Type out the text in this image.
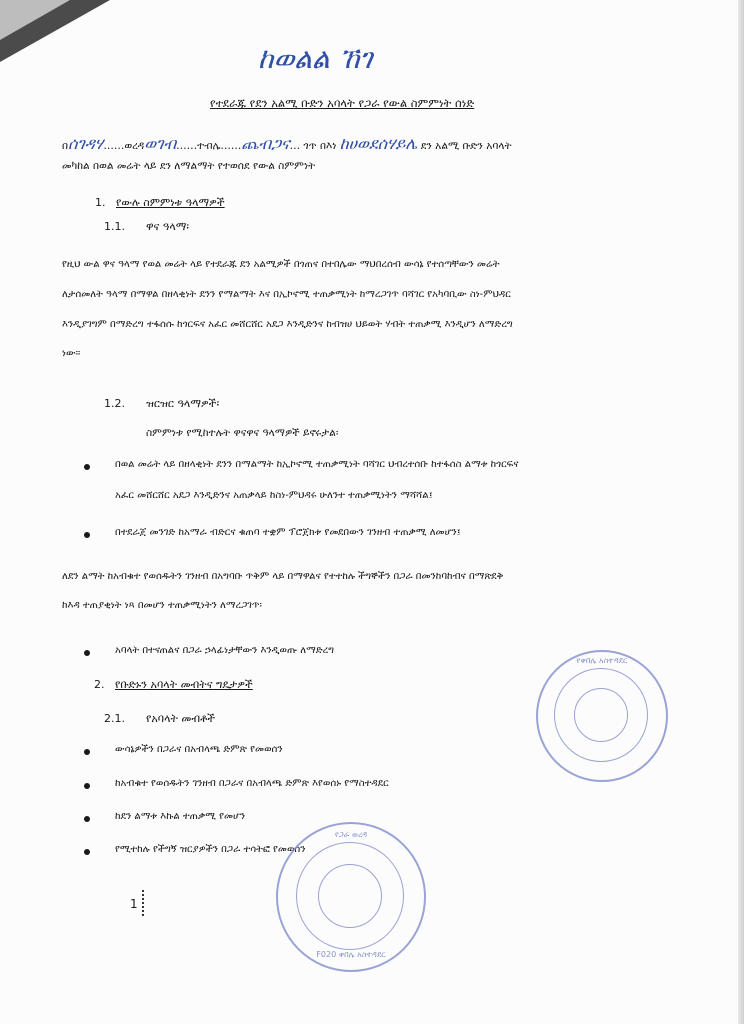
ከወልል ኸገ
የተደራጁ የደን አልሚ ቡድን አባላት የጋራ የውል ስምምነት ሰነድ
በሰገዳሃ……ወረዳወገብ……ተብሌ……ጨብጋና… ጎጥ በእነ ከሀወደሰሃይሌ ደን አልሚ ቡድን አባላት
መካከል በወል መሬት ላይ ደን ለማልማት የተወሰደ የውል ስምምነት
1. የውሉ ስምምነቱ ዓላማዎች
1.1. ዋና ዓላማ፡
የዚህ ውል ዋና ዓላማ የወል መሬት ላይ የተደራጁ ደን አልሚዎች በጎጠና በተበሌው ማህበረሰብ ውሳኔ የተሰጣቸውን መሬት
ለታሰመለት ዓላማ በማዋል በዘላቂነት ደንን የማልማት እና በኢኮኖሚ ተጠቃሚነት ከማረጋገጥ ባሻገር የአካባቢው ስነ-ምህዳር
እንዲያገግም በማድረግ ተፋሰሱ ከጎርፍና አፈር መሸርሸር አደጋ እንዲድንና ከብዝሀ ህይወት ሃብት ተጠቃሚ እንዲሆን ለማድረግ
ነው፡፡
1.2. ዝርዝር ዓላማዎች፡
ስምምነቱ የሚከተሉት ዋናዋና ዓላማዎች ይኖሩታል፡
በወል መሬት ላይ በዘላቂነት ደንን በማልማት ከኢኮኖሚ ተጠቃሚነት ባሻገር ህብረተሰቡ ከተፋሰስ ልማቱ ከጎርፍና
አፈር መሸርሸር አደጋ እንዲድንና አጠቃላይ ከስነ-ምህዳሩ ሁለንተ ተጠቃሚነትን ማሻሻል፤
በተደራጀ መንገድ ከአማራ ብድርና ቁጠባ ተቋም ፕሮጀክቱ የመደበውን ገንዘብ ተጠቃሚ ለመሆን፤
ለደን ልማት ከአብቁተ የወሰዱትን ገንዘብ በአግባቡ ጥቅም ላይ በማዋልና የተተከሉ ችግኞችን በጋራ በመንከባከብና በማጽደቅ
ከእዳ ተጠያቂነት ነጻ በመሆን ተጠቃሚነትን ለማረጋገጥ፡
አባላት በተናጠልና በጋራ ኃላፊነታቸውን እንዲወጡ ለማድረግ
2. የቡድኑን አባላት መብትና ግዴታዎች
2.1. የአባላት መብቶች
ውሳኔዎችን በጋራና በአብላጫ ድምጽ የመወሰን
ከአብቁተ የወሰዱትን ገንዘብ በጋራና በአብላጫ ድምጽ እየወሰኑ የማስተዳደር
ከደን ልማቱ እኩል ተጠቃሚ የመሆን
የሚተከሉ የችግኝ ዝርያዎችን በጋራ ተሳትፎ የመወሰን
የቀበሌ አስተዳደር
የጋራ ወረዳ
F020 ቀበሌ አስተዳደር
1
